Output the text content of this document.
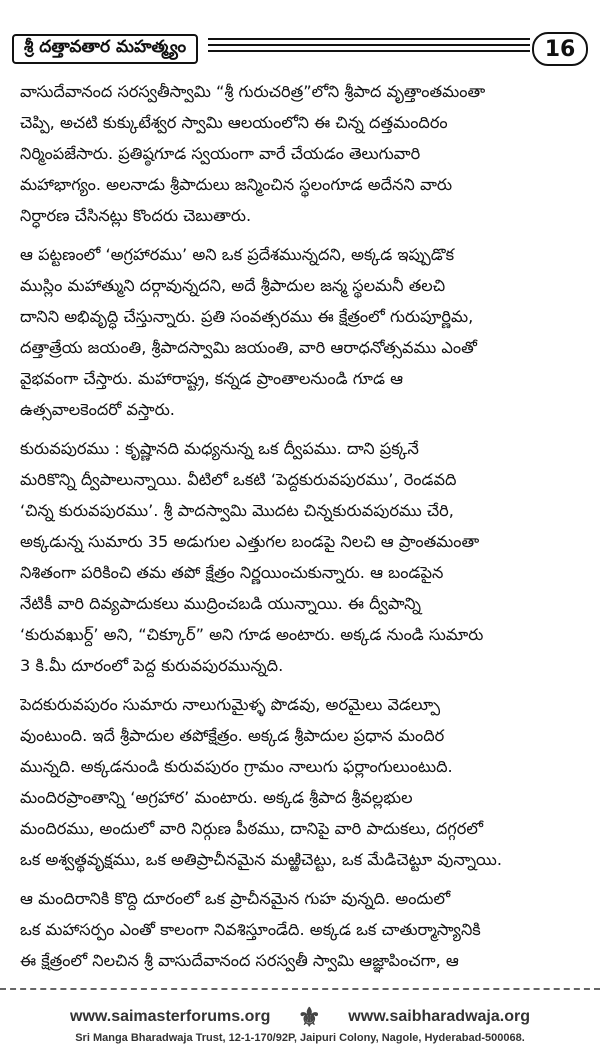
శ్రీ దత్తావతార మహత్మ్యం	16
వాసుదేవానంద సరస్వతీస్వామి “శ్రీ గురుచరిత్ర”లోని శ్రీపాద వృత్తాంతమంతా
చెప్పి, అచటి కుక్కుటేశ్వర స్వామి ఆలయంలోని ఈ చిన్న దత్తమందిరం
నిర్మింపజేసారు. ప్రతిష్ఠగూడ స్వయంగా వారే చేయడం తెలుగువారి
మహాభాగ్యం. అలనాడు శ్రీపాదులు జన్మించిన స్థలంగూడ అదేనని వారు
నిర్ధారణ చేసినట్లు కొందరు చెబుతారు.
ఆ పట్టణంలో ‘అగ్రహారము’ అని ఒక ప్రదేశమున్నదని, అక్కడ ఇప్పుడొక
ముస్లిం మహాత్ముని దర్గావున్నదని, అదే శ్రీపాదుల జన్మ స్థలమనీ తలచి
దానిని అభివృద్ధి చేస్తున్నారు. ప్రతి సంవత్సరము ఈ క్షేత్రంలో గురుపూర్ణిమ,
దత్తాత్రేయ జయంతి, శ్రీపాదస్వామి జయంతి, వారి ఆరాధనోత్సవము ఎంతో
వైభవంగా చేస్తారు. మహారాష్ట్ర, కన్నడ ప్రాంతాలనుండి గూడ ఆ
ఉత్సవాలకెందరో వస్తారు.
కురువపురము : కృష్ణానది మధ్యనున్న ఒక ద్వీపము. దాని ప్రక్కనే
మరికొన్ని ద్వీపాలున్నాయి. వీటిలో ఒకటి ‘పెద్దకురువపురము’, రెండవది
‘చిన్న కురువపురము’. శ్రీ పాదస్వామి మొదట చిన్నకురువపురము చేరి,
అక్కడున్న సుమారు 35 అడుగుల ఎత్తుగల బండపై నిలచి ఆ ప్రాంతమంతా
నిశితంగా పరికించి తమ తపో క్షేత్రం నిర్ణయించుకున్నారు. ఆ బండపైన
నేటికీ వారి దివ్యపాదుకలు ముద్రించబడి యున్నాయి. ఈ ద్వీపాన్ని
‘కురువఖుర్ద్’ అని, “చిక్కూర్” అని గూడ అంటారు. అక్కడ నుండి సుమారు
3 కి.మీ దూరంలో పెద్ద కురువపురమున్నది.
పెదకురువపురం సుమారు నాలుగుమైళ్ళ పొడవు, అరమైలు వెడల్పూ
వుంటుంది. ఇదే శ్రీపాదుల తపోక్షేత్రం. అక్కడ శ్రీపాదుల ప్రధాన మందిర
మున్నది. అక్కడనుండి కురువపురం గ్రామం నాలుగు ఫర్లాంగులుంటుది.
మందిరప్రాంతాన్ని ‘అగ్రహార’ మంటారు. అక్కడ శ్రీపాద శ్రీవల్లభుల
మందిరము, అందులో వారి నిర్గుణ పీఠము, దానిపై వారి పాదుకలు, దగ్గరలో
ఒక అశ్వత్థవృక్షము, ఒక అతిప్రాచీనమైన మఱ్ఱిచెట్టు, ఒక మేడిచెట్టూ వున్నాయి.
ఆ మందిరానికి కొద్ది దూరంలో ఒక ప్రాచీనమైన గుహ వున్నది. అందులో
ఒక మహాసర్పం ఎంతో కాలంగా నివశిస్తూండేది. అక్కడ ఒక చాతుర్మాస్యానికి
ఈ క్షేత్రంలో నిలచిన శ్రీ వాసుదేవానంద సరస్వతీ స్వామి ఆజ్ఞాపించగా, ఆ
www.saimasterforums.org ⚜ www.saibharadwaja.org
Sri Manga Bharadwaja Trust, 12-1-170/92P, Jaipuri Colony, Nagole, Hyderabad-500068.
